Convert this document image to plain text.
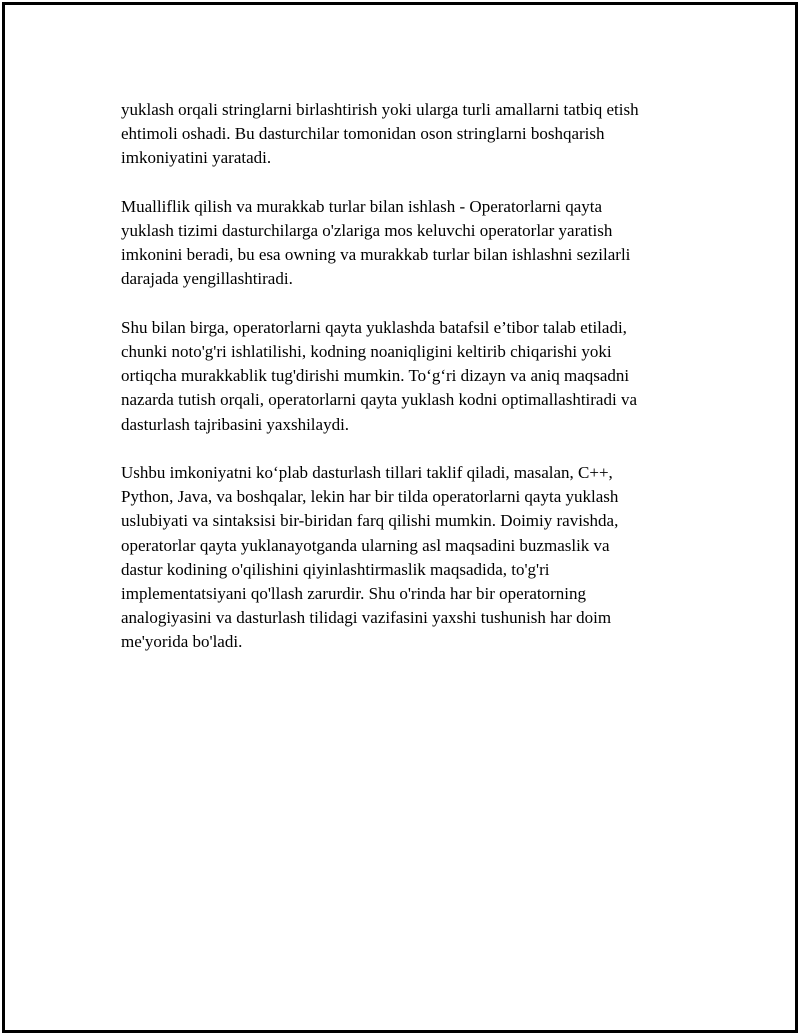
yuklash orqali stringlarni birlashtirish yoki ularga turli amallarni tatbiq etish
ehtimoli oshadi. Bu dasturchilar tomonidan oson stringlarni boshqarish
imkoniyatini yaratadi.

Mualliflik qilish va murakkab turlar bilan ishlash - Operatorlarni qayta
yuklash tizimi dasturchilarga o'zlariga mos keluvchi operatorlar yaratish
imkonini beradi, bu esa owning va murakkab turlar bilan ishlashni sezilarli
darajada yengillashtiradi.

Shu bilan birga, operatorlarni qayta yuklashda batafsil e’tibor talab etiladi,
chunki noto'g'ri ishlatilishi, kodning noaniqligini keltirib chiqarishi yoki
ortiqcha murakkablik tug'dirishi mumkin. To‘g‘ri dizayn va aniq maqsadni
nazarda tutish orqali, operatorlarni qayta yuklash kodni optimallashtiradi va
dasturlash tajribasini yaxshilaydi.

Ushbu imkoniyatni ko‘plab dasturlash tillari taklif qiladi, masalan, C++,
Python, Java, va boshqalar, lekin har bir tilda operatorlarni qayta yuklash
uslubiyati va sintaksisi bir-biridan farq qilishi mumkin. Doimiy ravishda,
operatorlar qayta yuklanayotganda ularning asl maqsadini buzmaslik va
dastur kodining o'qilishini qiyinlashtirmaslik maqsadida, to'g'ri
implementatsiyani qo'llash zarurdir. Shu o'rinda har bir operatorning
analogiyasini va dasturlash tilidagi vazifasini yaxshi tushunish har doim
me'yorida bo'ladi.
